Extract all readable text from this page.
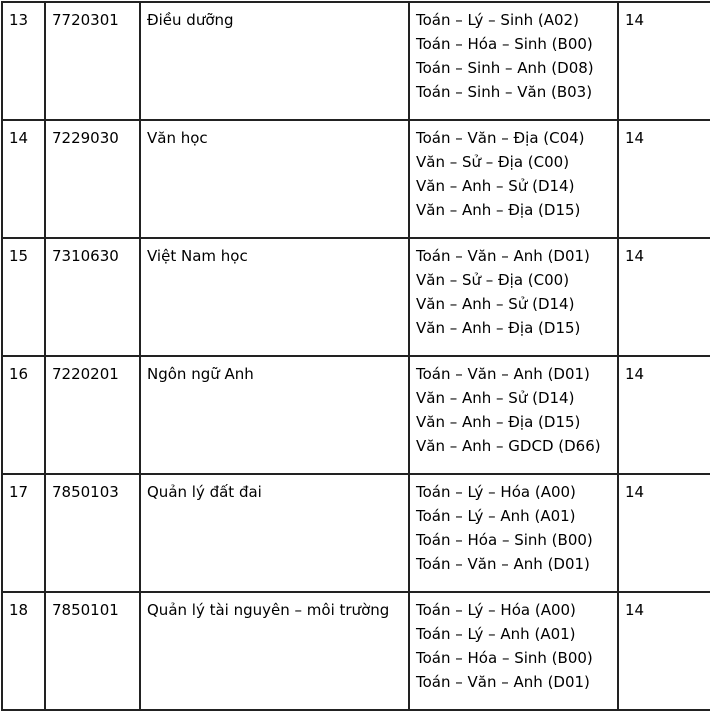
13	7720301	Điều dưỡng	Toán – Lý – Sinh (A02)
Toán – Hóa – Sinh (B00)
Toán – Sinh – Anh (D08)
Toán – Sinh – Văn (B03)	14
14	7229030	Văn học	Toán – Văn – Địa (C04)
Văn – Sử – Địa (C00)
Văn – Anh – Sử (D14)
Văn – Anh – Địa (D15)	14
15	7310630	Việt Nam học	Toán – Văn – Anh (D01)
Văn – Sử – Địa (C00)
Văn – Anh – Sử (D14)
Văn – Anh – Địa (D15)	14
16	7220201	Ngôn ngữ Anh	Toán – Văn – Anh (D01)
Văn – Anh – Sử (D14)
Văn – Anh – Địa (D15)
Văn – Anh – GDCD (D66)	14
17	7850103	Quản lý đất đai	Toán – Lý – Hóa (A00)
Toán – Lý – Anh (A01)
Toán – Hóa – Sinh (B00)
Toán – Văn – Anh (D01)	14
18	7850101	Quản lý tài nguyên – môi trường	Toán – Lý – Hóa (A00)
Toán – Lý – Anh (A01)
Toán – Hóa – Sinh (B00)
Toán – Văn – Anh (D01)	14
